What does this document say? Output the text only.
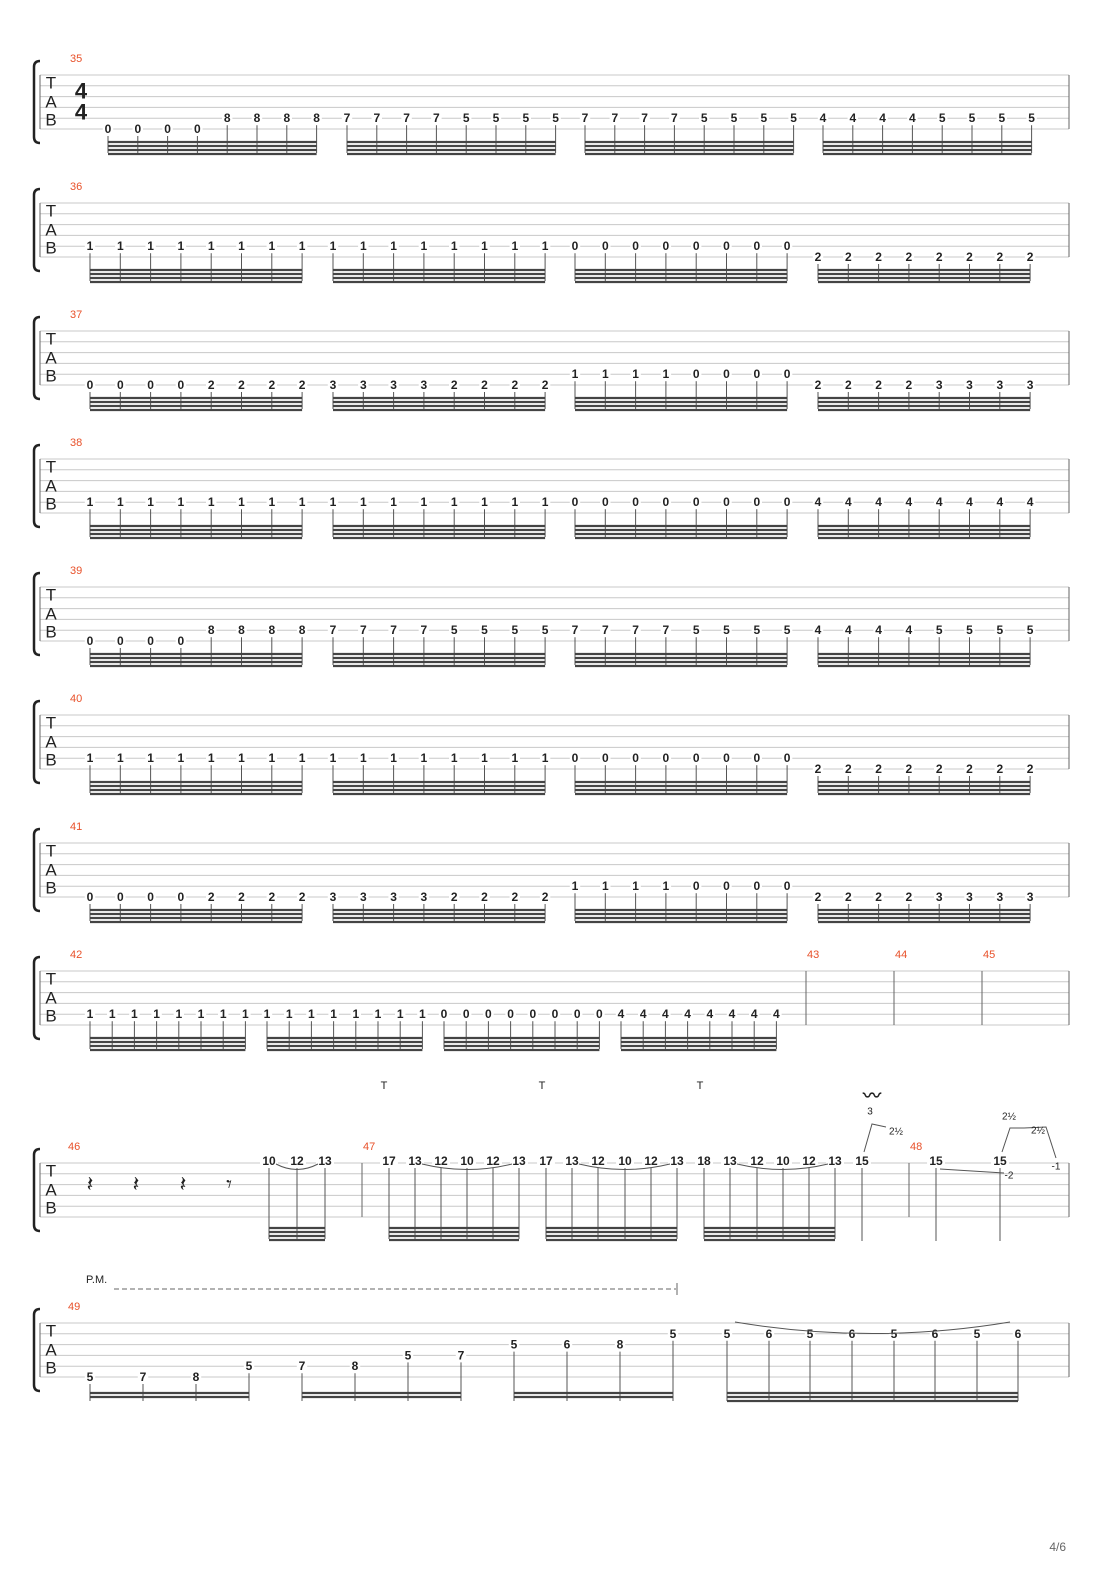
T
A
B
35
4
4
0 0 0 0
8 8 8 8 7 7 7 7 5 5 5 5 7 7 7 7 5 5 5 5 4 4 4 4 5 5 5 5
T
A
B
36
1 1 1 1 1 1 1 1 1 1 1 1 1 1 1 1 0 0 0 0 0 0 0 0
2 2 2 2 2 2 2 2
T
A
B
37
0 0 0 0 2 2 2 2 3 3 3 3 2 2 2 2
1 1 1 1 0 0 0 0
2 2 2 2 3 3 3 3
T
A
B
38
1 1 1 1 1 1 1 1 1 1 1 1 1 1 1 1 0 0 0 0 0 0 0 0 4 4 4 4 4 4 4 4
T
A
B
39
0 0 0 0
8 8 8 8 7 7 7 7 5 5 5 5 7 7 7 7 5 5 5 5 4 4 4 4 5 5 5 5
T
A
B
40
1 1 1 1 1 1 1 1 1 1 1 1 1 1 1 1 0 0 0 0 0 0 0 0
2 2 2 2 2 2 2 2
T
A
B
41
0 0 0 0 2 2 2 2 3 3 3 3 2 2 2 2
1 1 1 1 0 0 0 0
2 2 2 2 3 3 3 3
T
A
B
42
1 1 1 1 1 1 1 1 1 1 1 1 1 1 1 1 0 0 0 0 0 0 0 0 4 4 4 4 4 4 4 4
43	44	45
T
A
B
46	47	48
𝄽 𝄽 𝄽 𝄾
10 12 13	17 13 12 10 12 13 17 13 12 10 12 13 18 13 12 10 12 13
T	T	T
15
〰
3
2½
15	15
-2
2½
2½
-1
T
A
B
49
P.M.
5	7	8
5	7	8
5	7
5	6	8
5	5	6	5	6	5	6	5	6
4/6
